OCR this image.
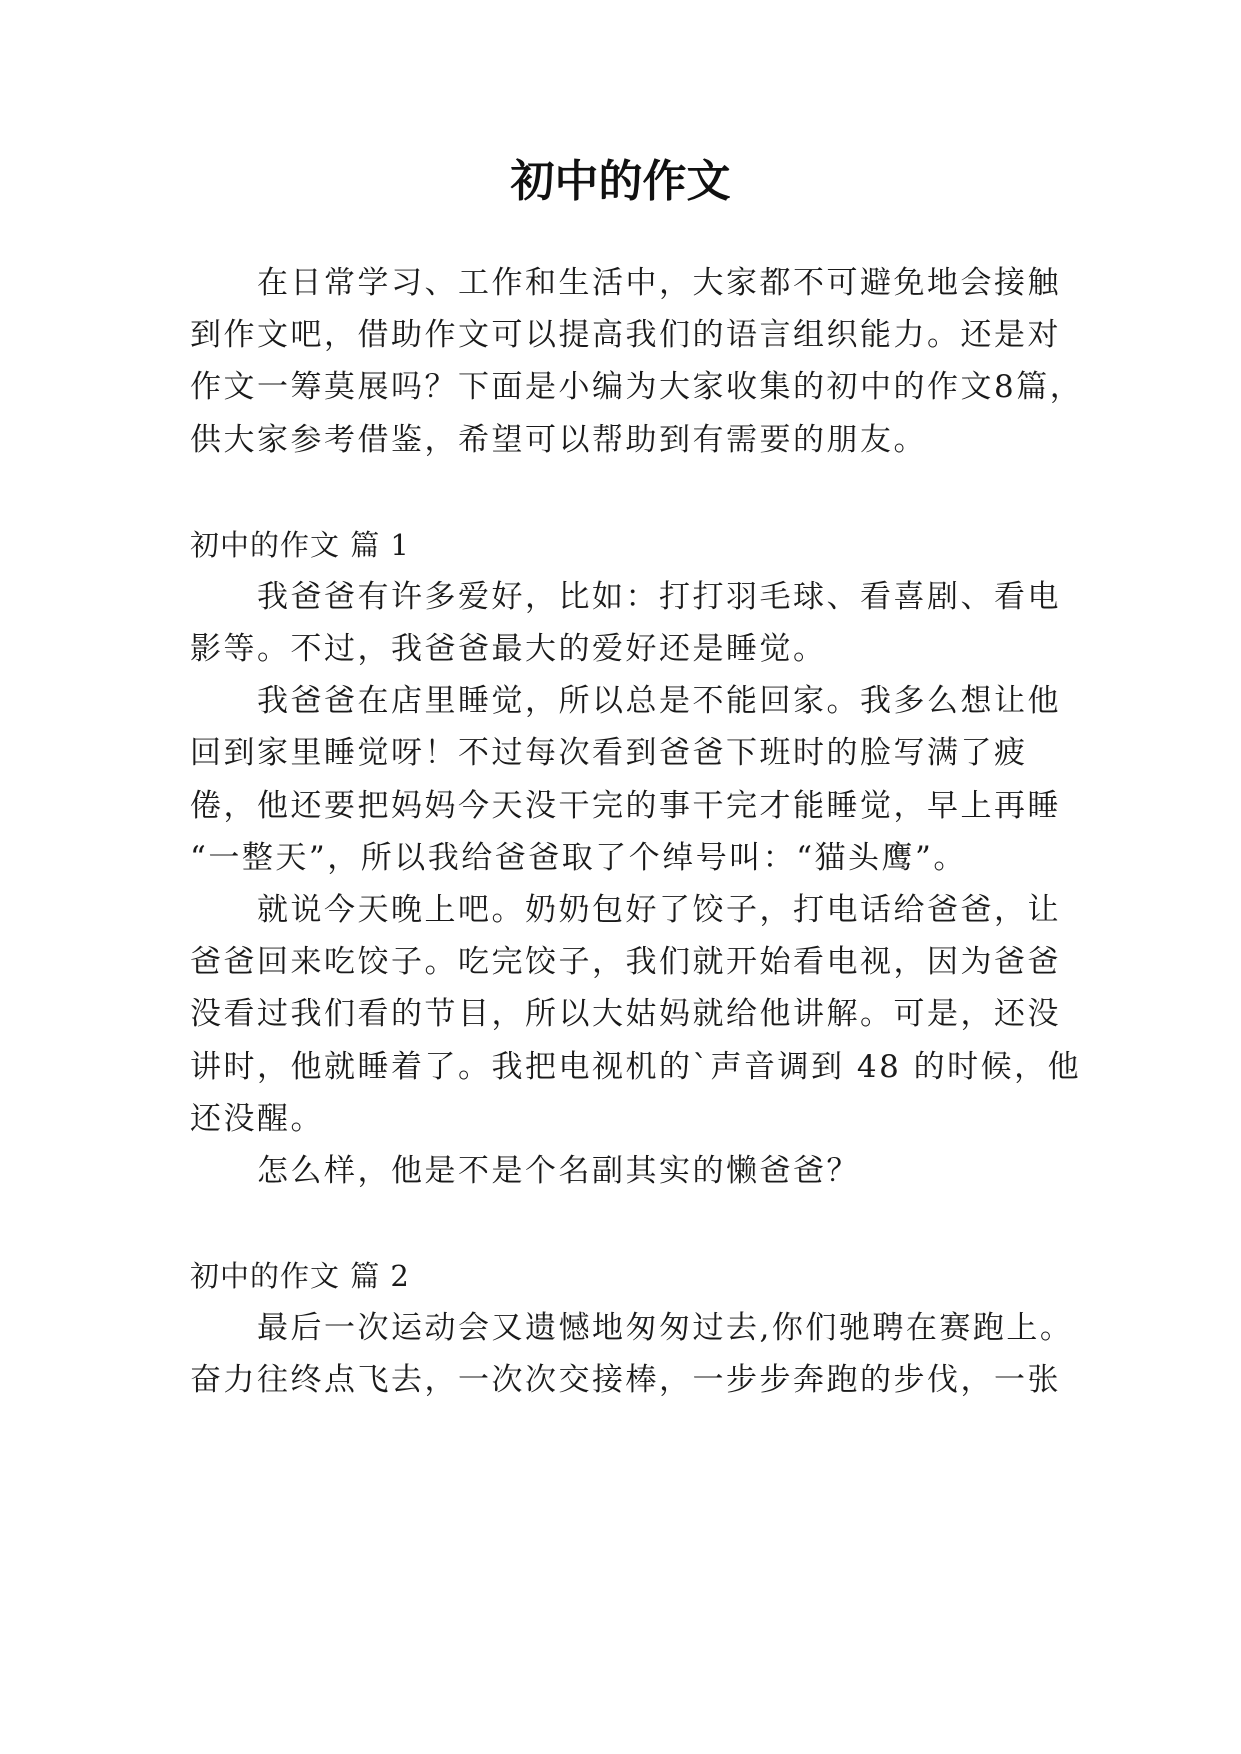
初中的作文
在日常学习、工作和生活中，大家都不可避免地会接触
到作文吧，借助作文可以提高我们的语言组织能力。还是对
作文一筹莫展吗？下面是小编为大家收集的初中的作文8篇，
供大家参考借鉴，希望可以帮助到有需要的朋友。
初中的作文 篇 1
我爸爸有许多爱好，比如：打打羽毛球、看喜剧、看电
影等。不过，我爸爸最大的爱好还是睡觉。
我爸爸在店里睡觉，所以总是不能回家。我多么想让他
回到家里睡觉呀！不过每次看到爸爸下班时的脸写满了疲
倦，他还要把妈妈今天没干完的事干完才能睡觉，早上再睡
“一整天”，所以我给爸爸取了个绰号叫：“猫头鹰”。
就说今天晚上吧。奶奶包好了饺子，打电话给爸爸，让
爸爸回来吃饺子。吃完饺子，我们就开始看电视，因为爸爸
没看过我们看的节目，所以大姑妈就给他讲解。可是，还没
讲时，他就睡着了。我把电视机的`声音调到 48 的时候，他
还没醒。
怎么样，他是不是个名副其实的懒爸爸？
初中的作文 篇 2
最后一次运动会又遗憾地匆匆过去,你们驰聘在赛跑上。
奋力往终点飞去，一次次交接棒，一步步奔跑的步伐，一张
